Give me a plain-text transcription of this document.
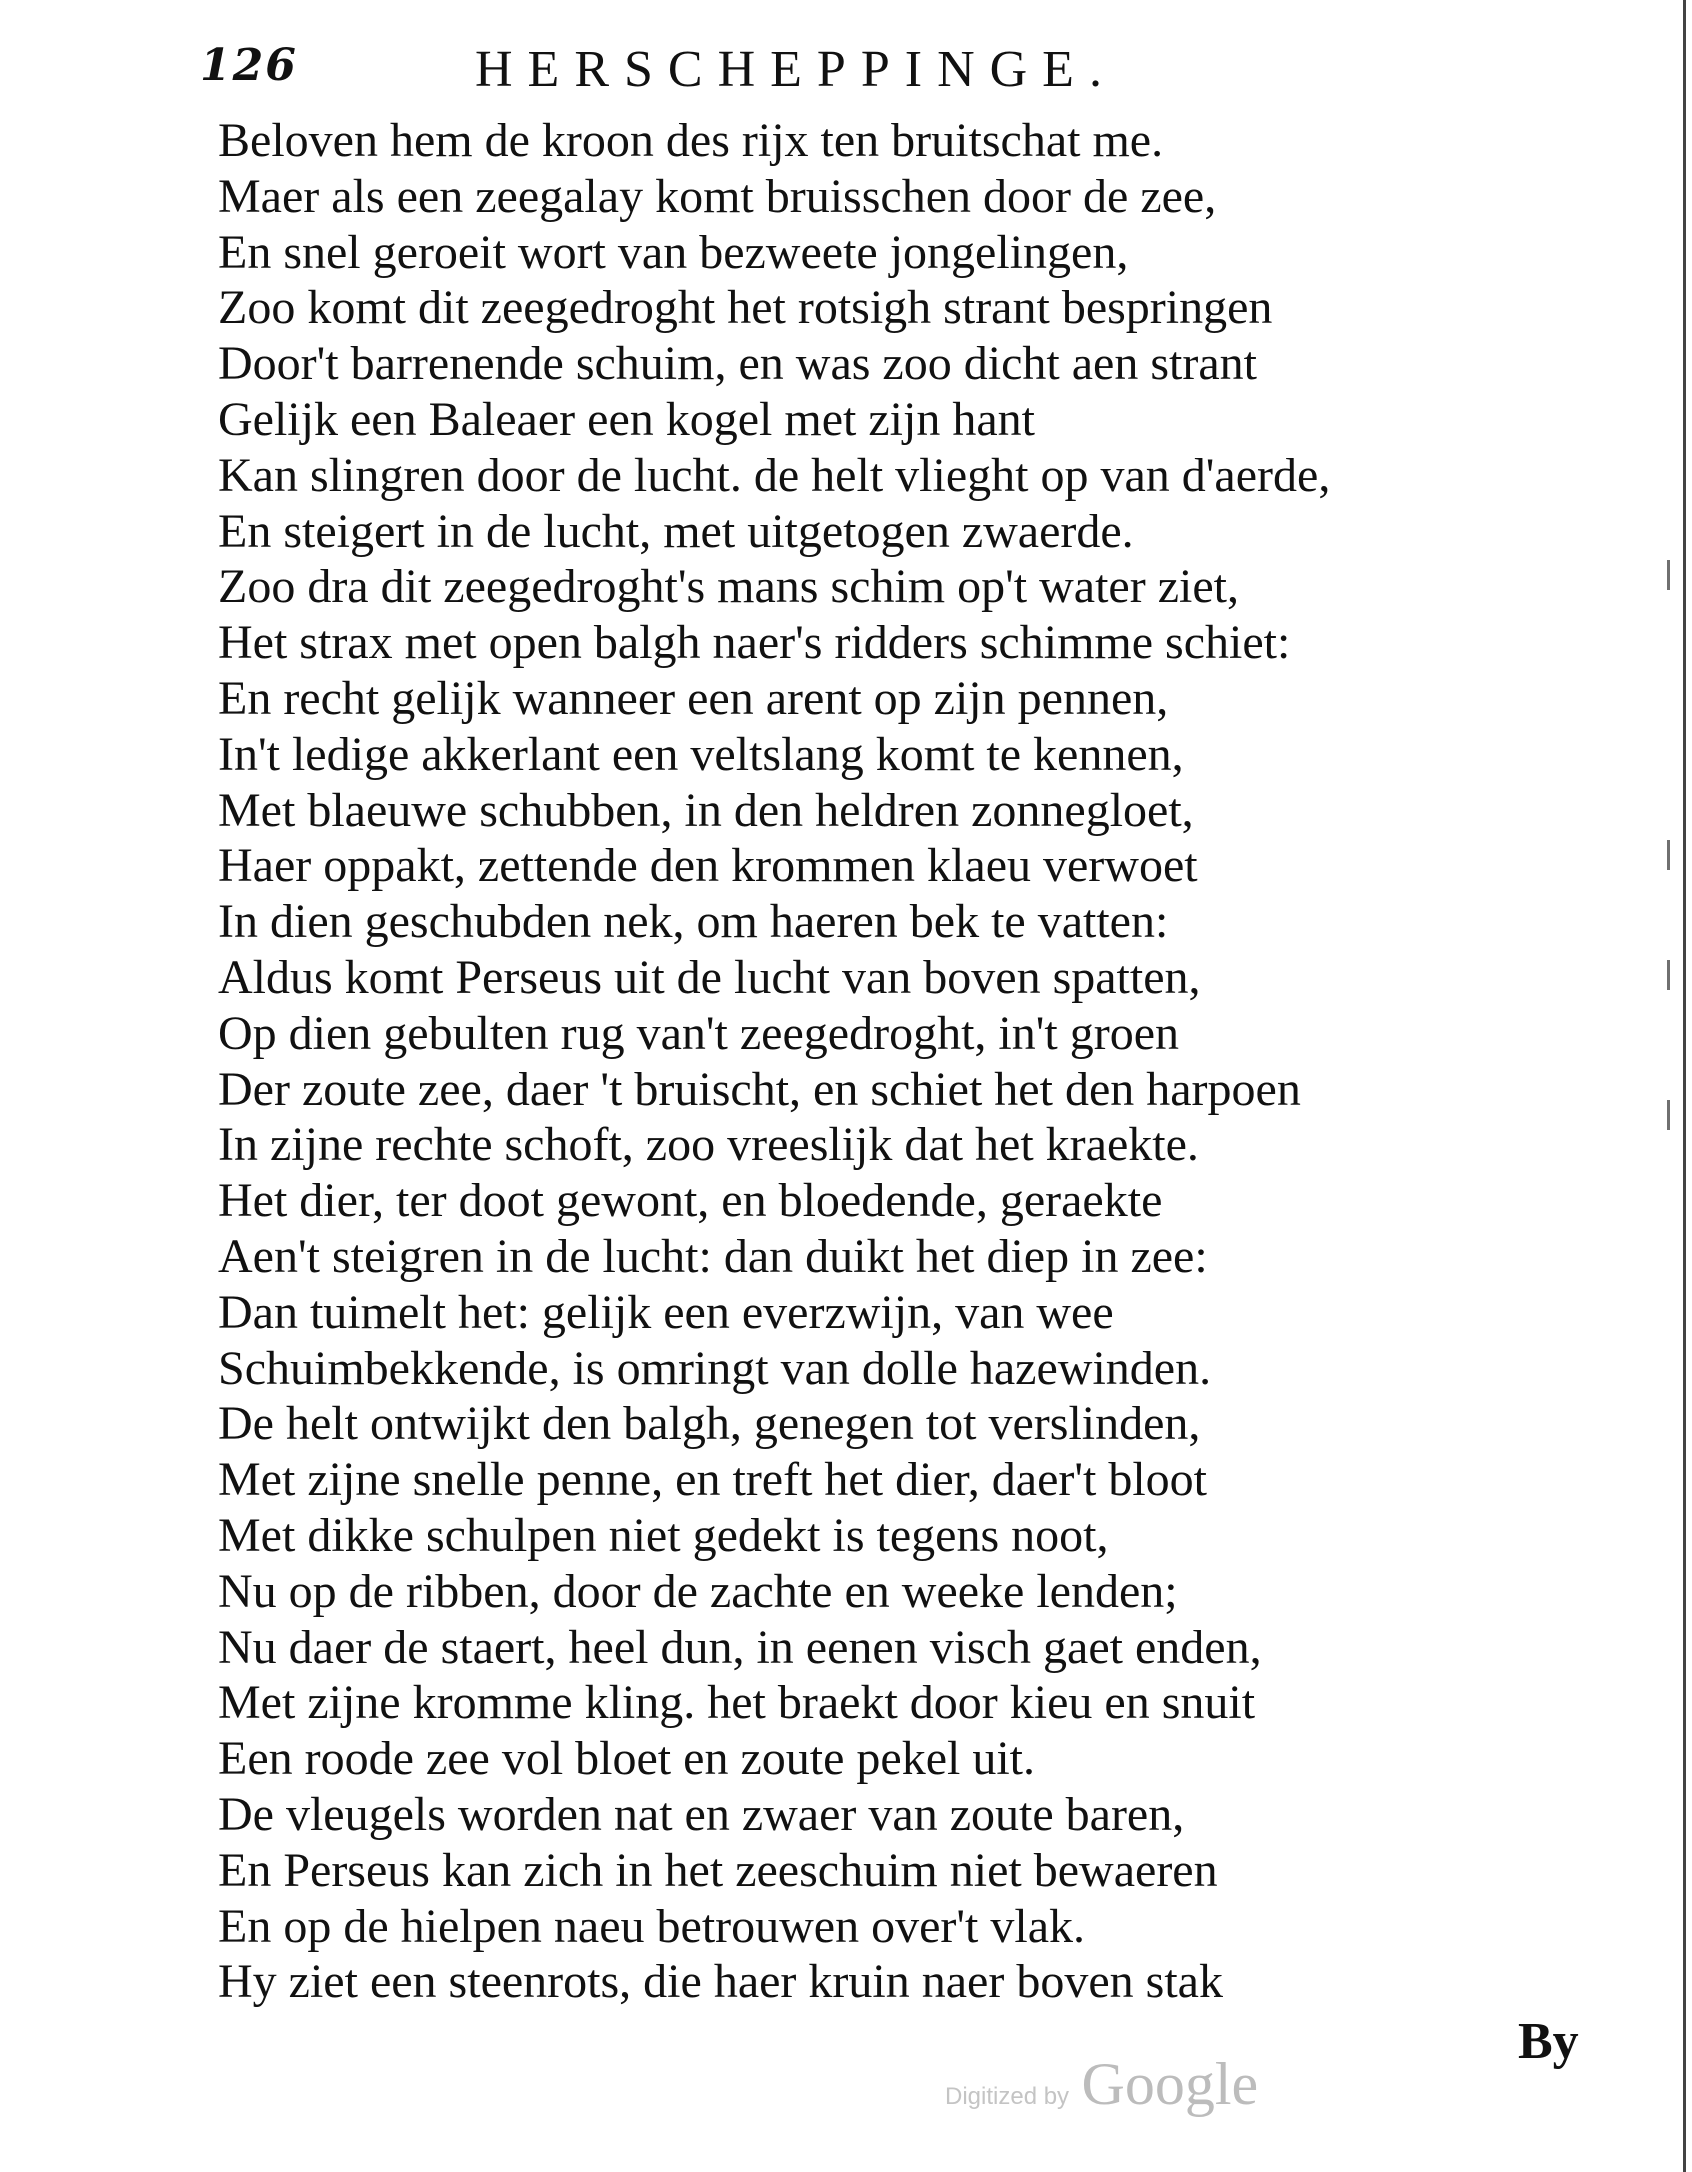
126	HERSCHEPPINGE.
Beloven hem de kroon des rijx ten bruitschat me.
Maer als een zeegalay komt bruisschen door de zee,
En snel geroeit wort van bezweete jongelingen,
Zoo komt dit zeegedroght het rotsigh strant bespringen
Door't barrenende schuim, en was zoo dicht aen strant
Gelijk een Baleaer een kogel met zijn hant
Kan slingren door de lucht. de helt vlieght op van d'aerde,
En steigert in de lucht, met uitgetogen zwaerde.
Zoo dra dit zeegedroght's mans schim op't water ziet,
Het strax met open balgh naer's ridders schimme schiet:
En recht gelijk wanneer een arent op zijn pennen,
In't ledige akkerlant een veltslang komt te kennen,
Met blaeuwe schubben, in den heldren zonnegloet,
Haer oppakt, zettende den krommen klaeu verwoet
In dien geschubden nek, om haeren bek te vatten:
Aldus komt Perseus uit de lucht van boven spatten,
Op dien gebulten rug van't zeegedroght, in't groen
Der zoute zee, daer 't bruischt, en schiet het den harpoen
In zijne rechte schoft, zoo vreeslijk dat het kraekte.
Het dier, ter doot gewont, en bloedende, geraekte
Aen't steigren in de lucht: dan duikt het diep in zee:
Dan tuimelt het: gelijk een everzwijn, van wee
Schuimbekkende, is omringt van dolle hazewinden.
De helt ontwijkt den balgh, genegen tot verslinden,
Met zijne snelle penne, en treft het dier, daer't bloot
Met dikke schulpen niet gedekt is tegens noot,
Nu op de ribben, door de zachte en weeke lenden;
Nu daer de staert, heel dun, in eenen visch gaet enden,
Met zijne kromme kling. het braekt door kieu en snuit
Een roode zee vol bloet en zoute pekel uit.
De vleugels worden nat en zwaer van zoute baren,
En Perseus kan zich in het zeeschuim niet bewaeren
En op de hielpen naeu betrouwen over't vlak.
Hy ziet een steenrots, die haer kruin naer boven stak
By
Digitized by Google
